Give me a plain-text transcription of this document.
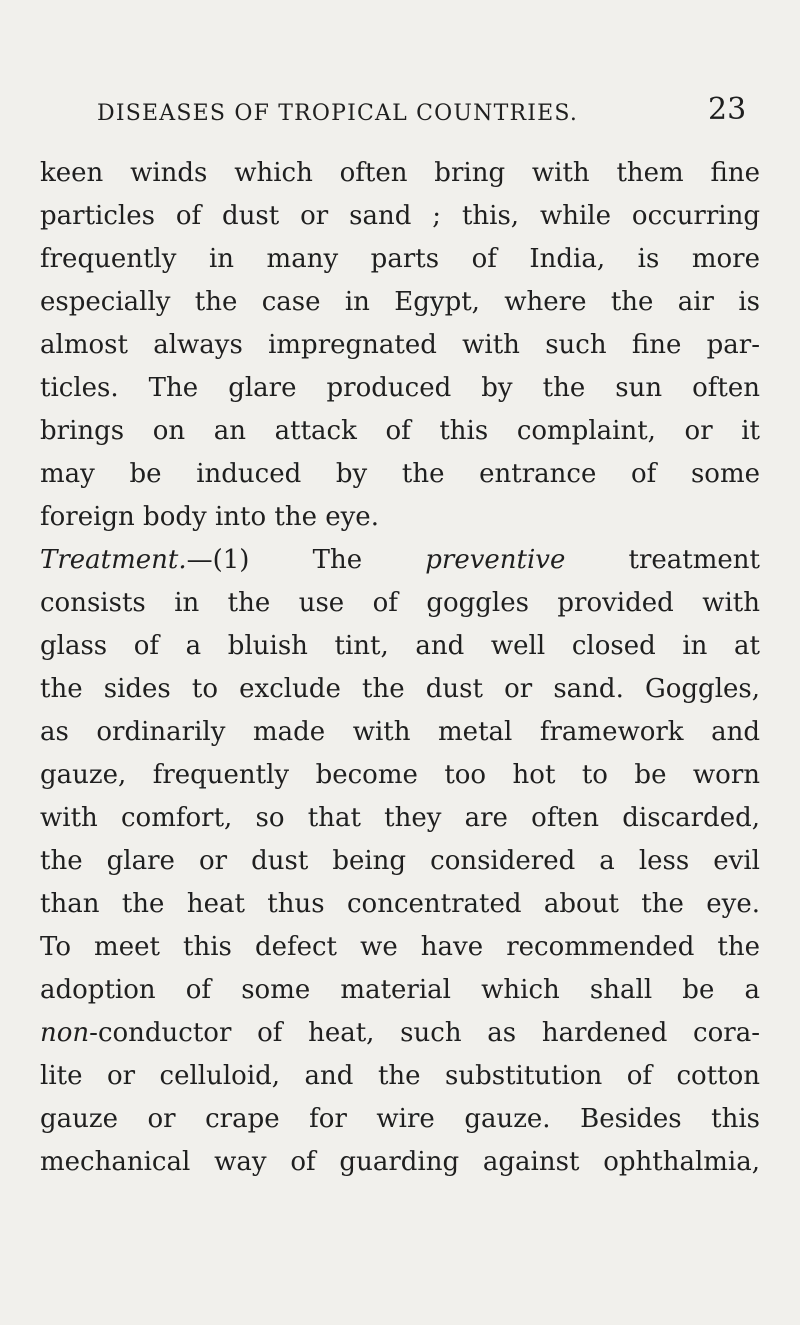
DISEASES OF TROPICAL COUNTRIES.	23
keen winds which often bring with them fine
particles of dust or sand ; this, while occurring
frequently in many parts of India, is more
especially the case in Egypt, where the air is
almost always impregnated with such fine par-
ticles. The glare produced by the sun often
brings on an attack of this complaint, or it
may be induced by the entrance of some
foreign body into the eye.
Treatment.—(1) The preventive treatment
consists in the use of goggles provided with
glass of a bluish tint, and well closed in at
the sides to exclude the dust or sand. Goggles,
as ordinarily made with metal framework and
gauze, frequently become too hot to be worn
with comfort, so that they are often discarded,
the glare or dust being considered a less evil
than the heat thus concentrated about the eye.
To meet this defect we have recommended the
adoption of some material which shall be a
non-conductor of heat, such as hardened cora-
lite or celluloid, and the substitution of cotton
gauze or crape for wire gauze. Besides this
mechanical way of guarding against ophthalmia,
